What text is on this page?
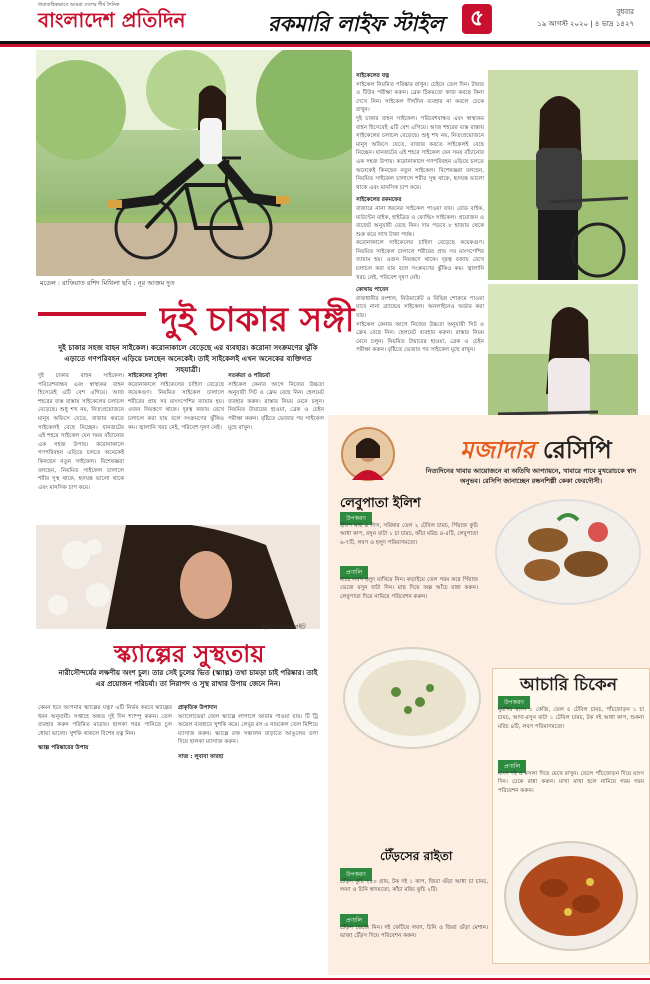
ধারাবাহিকভাবে আমরা দেশের শীর্ষ দৈনিক
বাংলাদেশ প্রতিদিন	রকমারি লাইফ স্টাইল	৫	বুধবার
১৯ আগস্ট ২০২০ | ৪ ভাদ্র ১৪২৭
মডেল : রাফিয়াত রশিদ মিথিলা ছবি : নূর আজম দুত
সাইকেলের যত্ন
সাইকেল নিয়মিত পরিষ্কার রাখুন। চেইনে তেল দিন। টায়ার ও টিউব পরীক্ষা করুন। ব্রেক ঠিকমতো কাজ করছে কিনা দেখে নিন। সাইকেল দীর্ঘদিন ব্যবহার না করলে ঢেকে রাখুন।
দুই চাকার বাহন সাইকেল। পরিবেশবান্ধব এবং স্বাস্থ্যকর বাহন হিসেবেই এটি বেশ এগিয়ে। আজ শহরের ব্যস্ত রাস্তায় সাইকেলের চলাচল বেড়েছে। শুধু শখ নয়, নিত্যপ্রয়োজনে মানুষ অফিসে যেতে, বাজার করতে সাইকেলই বেছে নিচ্ছেন। যানজটের এই শহরে সাইকেল যেন সময় বাঁচানোর এক সহজ উপায়। করোনাকালে গণপরিবহন এড়িয়ে চলতে অনেকেই কিনছেন নতুন সাইকেল। বিশেষজ্ঞরা বলছেন, নিয়মিত সাইকেল চালালে শরীর সুস্থ থাকে, হৃদযন্ত্র ভালো থাকে এবং মানসিক চাপ কমে।
সাইকেলের রকমফের
বাজারে নানা ধরনের সাইকেল পাওয়া যায়। রোড বাইক, মাউন্টেন বাইক, হাইব্রিড ও ফোল্ডিং সাইকেল। প্রয়োজন ও বাজেট অনুযায়ী বেছে নিন। দাম পড়বে ৮ হাজার থেকে শুরু করে লাখ টাকা পর্যন্ত।
করোনাকালে সাইকেলের চাহিদা বেড়েছে কয়েকগুণ। নিয়মিত সাইকেল চালালে শরীরের প্রায় সব মাংসপেশির ব্যায়াম হয়। ওজন নিয়ন্ত্রণে থাকে। দূরত্ব বজায় রেখে চলাচল করা যায় বলে সংক্রমণের ঝুঁকিও কম। জ্বালানি খরচ নেই, পরিবেশ দূষণ নেই।
কোথায় পাবেন
রাজধানীর বংশাল, নিউমার্কেট ও বিভিন্ন শোরুমে পাওয়া যাবে নানা ব্র্যান্ডের সাইকেল। অনলাইনেও অর্ডার করা যায়।
সাইকেল কেনার আগে নিজের উচ্চতা অনুযায়ী সিট ও ফ্রেম বেছে নিন। হেলমেট ব্যবহার করুন। রাস্তার নিয়ম মেনে চলুন। নিয়মিত টায়ারের হাওয়া, ব্রেক ও চেইন পরীক্ষা করুন। বৃষ্টিতে ভেজার পর সাইকেল মুছে রাখুন।
দুই চাকার সঙ্গী
দুই চাকার সহজ বাহন সাইকেল। করোনাকালে বেড়েছে এর ব্যবহার। করোনা সংক্রমণের ঝুঁকি এড়াতে গণপরিবহন এড়িয়ে চলছেন অনেকেই। তাই সাইকেলই এখন অনেকের ব্যক্তিগত সহযাত্রী।
দুই চাকার বাহন সাইকেল। পরিবেশবান্ধব এবং স্বাস্থ্যকর বাহন হিসেবেই এটি বেশ এগিয়ে। আজ শহরের ব্যস্ত রাস্তায় সাইকেলের চলাচল বেড়েছে। শুধু শখ নয়, নিত্যপ্রয়োজনে মানুষ অফিসে যেতে, বাজার করতে সাইকেলই বেছে নিচ্ছেন। যানজটের এই শহরে সাইকেল যেন সময় বাঁচানোর এক সহজ উপায়। করোনাকালে গণপরিবহন এড়িয়ে চলতে অনেকেই কিনছেন নতুন সাইকেল। বিশেষজ্ঞরা বলছেন, নিয়মিত সাইকেল চালালে শরীর সুস্থ থাকে, হৃদযন্ত্র ভালো থাকে এবং মানসিক চাপ কমে।
সাইকেলের সুবিধা
করোনাকালে সাইকেলের চাহিদা বেড়েছে কয়েকগুণ। নিয়মিত সাইকেল চালালে শরীরের প্রায় সব মাংসপেশির ব্যায়াম হয়। ওজন নিয়ন্ত্রণে থাকে। দূরত্ব বজায় রেখে চলাচল করা যায় বলে সংক্রমণের ঝুঁকিও কম। জ্বালানি খরচ নেই, পরিবেশ দূষণ নেই।
সতর্কতা ও পরিচর্যা
সাইকেল কেনার আগে নিজের উচ্চতা অনুযায়ী সিট ও ফ্রেম বেছে নিন। হেলমেট ব্যবহার করুন। রাস্তার নিয়ম মেনে চলুন। নিয়মিত টায়ারের হাওয়া, ব্রেক ও চেইন পরীক্ষা করুন। বৃষ্টিতে ভেজার পর সাইকেল মুছে রাখুন।
ছবি : ওয়েবসাইট
স্ক্যাল্পের সুস্থতায়
নারীসৌন্দর্যের লক্ষণীয় অংশ চুল। তার সেই চুলের ভিত (স্ক্যাল্প) তথা চামড়া চাই পরিষ্কার। তাই এর প্রয়োজন পরিচর্যা। তা নিরাপদ ও সুস্থ রাখার উপায় জেনে নিন।
কেমন হবে আপনার স্ক্যাল্পের যত্ন? এটি নির্ভর করবে স্ক্যাল্পের ধরন অনুযায়ী। সপ্তাহে অন্তত দুই দিন শ্যাম্পু করুন। তেল ব্যবহার করুন পরিমিত মাত্রায়। হালকা গরম পানিতে চুল ধোয়া ভালো। খুশকি থাকলে বিশেষ যত্ন নিন।
স্ক্যাল্প পরিষ্কারের উপায়
প্রাকৃতিক উপাদান
অ্যালোভেরা জেল স্ক্যাল্পে লাগালে আরাম পাওয়া যায়। টি ট্রি অয়েল ব্যবহারে খুশকি কমে। লেবুর রস ও নারকেল তেল মিশিয়ে ম্যাসাজ করুন। স্ক্যাল্পে রক্ত সঞ্চালন বাড়াতে আঙুলের ডগা দিয়ে হালকা ম্যাসাজ করুন।
সাজ : লুবাবা ফারহা
মজাদার রেসিপি
নিত্যদিনের খাবার আয়োজনে বা অতিথি আপ্যায়নে, খাবারে পাবে মুখরোচকে স্বাদ অনুভব। রেসিপি জানাচ্ছেন রন্ধনশিল্পী কেকা ফেরদৌসী।
লেবুপাতা ইলিশ
উপকরণ
ইলিশ মাছ ৪ পিস, সরিষার তেল ২ টেবিল চামচ, পিঁয়াজ কুচি আধা কাপ, রসুন বাটা ১ চা চামচ, কাঁচা মরিচ ৪-৫টি, লেবুপাতা ৬-৭টি, লবণ ও হলুদ পরিমাণমতো।
প্রণালি
মাছে লবণ হলুদ মাখিয়ে নিন। কড়াইয়ে তেল গরম করে পিঁয়াজ ভেজে রসুন বাটা দিন। মাছ দিয়ে অল্প আঁচে রান্না করুন। লেবুপাতা দিয়ে নামিয়ে পরিবেশন করুন।
টেঁড়সের রাইতা
উপকরণ
টেঁড়স কুচি ২৫০ গ্রাম, টক দই ১ কাপ, জিরা গুঁড়া আধা চা চামচ, লবণ ও চিনি স্বাদমতো, কাঁচা মরিচ কুচি ২টি।
প্রণালি
টেঁড়স ভেজে নিন। দই ফেটিয়ে লবণ, চিনি ও জিরা গুঁড়া মেশান। ভাজা টেঁড়স দিয়ে পরিবেশন করুন।
আচারি চিকেন
উপকরণ
মুরগির মাংস ১ কেজি, তেল ৫ টেবিল চামচ, পাঁচফোড়ন ১ চা চামচ, আদা-রসুন বাটা ১ টেবিল চামচ, টক দই আধা কাপ, শুকনা মরিচ ৪টি, লবণ পরিমাণমতো।
প্রণালি
মাংস দই ও মসলা দিয়ে মেখে রাখুন। তেলে পাঁচফোড়ন দিয়ে মাংস দিন। ঢেকে রান্না করুন। মাখা মাখা হলে নামিয়ে গরম গরম পরিবেশন করুন।
